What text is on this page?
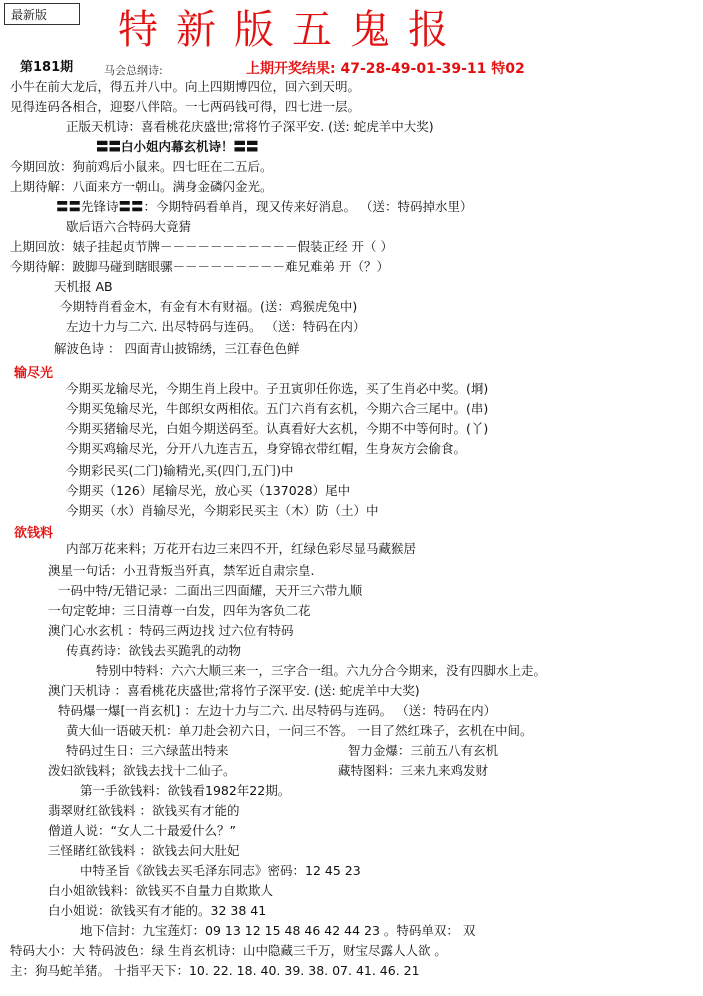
最新版	特新版五鬼报
第181期	马会总纲诗:	上期开奖结果: 47-28-49-01-39-11 特02
小牛在前大龙后，得五并八中。向上四期博四位，回六到天明。
见得连码各相合，迎娶八伴陪。一七两码钱可得，四七进一层。
正版天机诗：喜看桃花庆盛世;常将竹子深平安. (送: 蛇虎羊中大奖)
〓〓白小姐内幕玄机诗！〓〓
今期回放：狗前鸡后小鼠来。四七旺在二五后。
上期待解：八面来方一朝山。满身金磷闪金光。
〓〓先锋诗〓〓：今期特码看单肖，现又传来好消息。 （送：特码掉水里）
歇后语六合特码大竟猜
上期回放：婊子挂起贞节牌－－－－－－－－－－－假装正经 开（ ）
今期待解：跛脚马碰到瞎眼骡－－－－－－－－－难兄难弟 开（？）
天机报 AB
今期特肖看金木，有金有木有财福。(送：鸡猴虎兔中)
左边十力与二六. 出尽特码与连码。 （送：特码在内）
解波色诗 ： 四面青山披锦绣，三江春色色鲜
输尽光
今期买龙输尽光，今期生肖上段中。子丑寅卯任你选，买了生肖必中奖。(埛)
今期买兔输尽光，牛郎织女两相依。五门六肖有玄机，今期六合三尾中。(串)
今期买猪输尽光，白姐今期送码至。认真看好大玄机，今期不中等何时。(丫)
今期买鸡输尽光，分开八九连吉五，身穿锦衣带红帽，生身灰方会偷食。
今期彩民买(二门)输精光,买(四门,五门)中
今期买（126）尾输尽光，放心买（137028）尾中
今期买（水）肖输尽光，今期彩民买主（木）防（土）中
欲钱料
内部万花来料；万花开右边三来四不开，红绿色彩尽显马藏猴居
澳星一句话：小丑背叛当歼真，禁军近自肃宗皇.
一码中特/无错记录：二面出三四面耀，天开三六带九顺
一句定乾坤：三日清尊一白发，四年为客负二花
澳门心水玄机 ：特码三两边找 过六位有特码
传真药诗：欲钱去买跪乳的动物
特别中特料：六六大顺三来一，三字合一组。六九分合今期来，没有四脚水上走。
澳门天机诗 ：喜看桃花庆盛世;常将竹子深平安. (送: 蛇虎羊中大奖)
特码爆一爆[一肖玄机] ：左边十力与二六. 出尽特码与连码。 （送：特码在内）
黄大仙一语破天机：单刀赴会初六日，一问三不答。 一目了然红珠子，玄机在中间。
特码过生日：三六绿蓝出特来	智力金爆：三前五八有玄机
泼妇欲钱料；欲钱去找十二仙子。	藏特图料：三来九来鸡发财
第一手欲钱料：欲钱看1982年22期。
翡翠财红欲钱料 ：欲钱买有才能的
僧道人说：“女人二十最爱什么？”
三怪睹红欲钱料 ：欲钱去问大肚妃
中特圣旨《欲钱去买毛泽东同志》密码：12 45 23
白小姐欲钱料：欲钱买不自量力自欺欺人
白小姐说：欲钱买有才能的。32 38 41
地下信封：九宝莲灯：09 13 12 15 48 46 42 44 23 。特码单双： 双
特码大小：大 特码波色：绿 生肖玄机诗：山中隐藏三千万，财宝尽露人人欲 。
主：狗马蛇羊猪。 十指平天下：10. 22. 18. 40. 39. 38. 07. 41. 46. 21
